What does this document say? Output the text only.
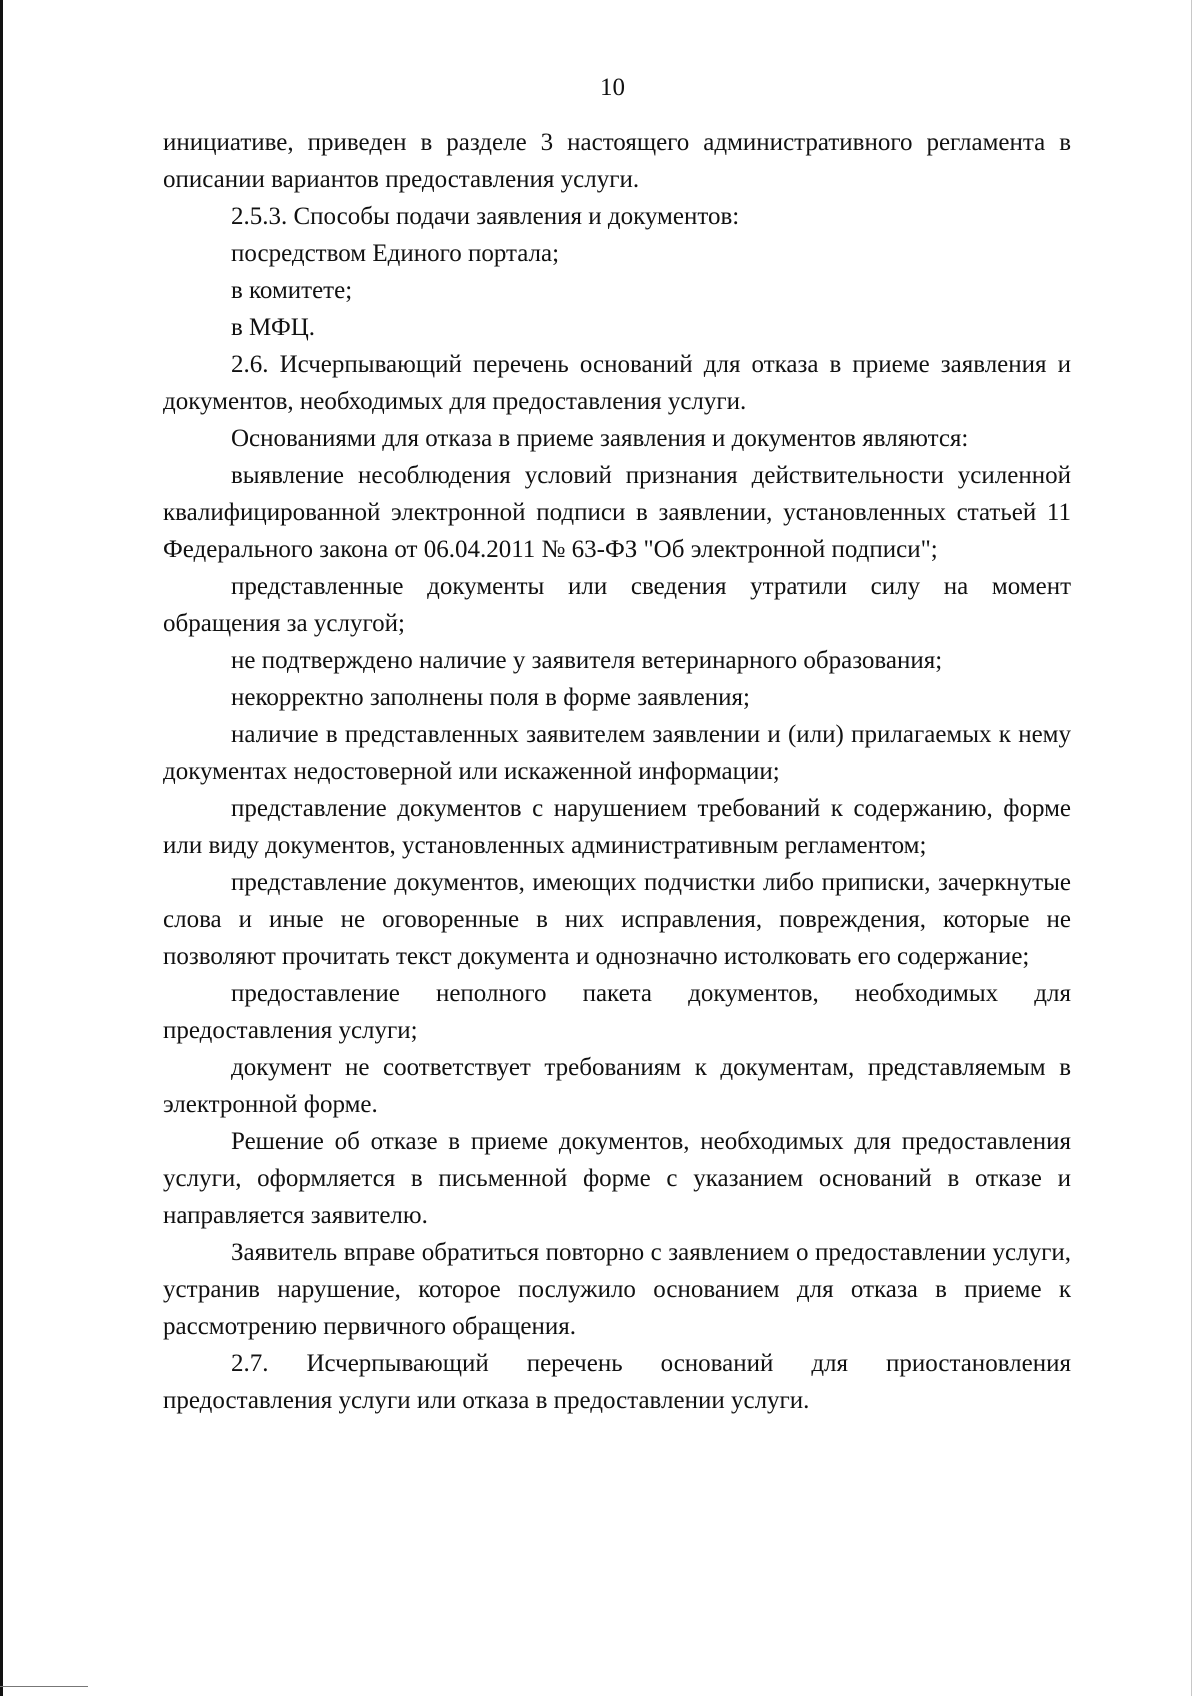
10

инициативе, приведен в разделе 3 настоящего административного регламента в описании вариантов предоставления услуги.

2.5.3. Способы подачи заявления и документов:

посредством Единого портала;

в комитете;

в МФЦ.

2.6. Исчерпывающий перечень оснований для отказа в приеме заявления и документов, необходимых для предоставления услуги.

Основаниями для отказа в приеме заявления и документов являются:

выявление несоблюдения условий признания действительности усиленной квалифицированной электронной подписи в заявлении, установленных статьей 11 Федерального закона от 06.04.2011 № 63-ФЗ "Об электронной подписи";

представленные документы или сведения утратили силу на момент обращения за услугой;

не подтверждено наличие у заявителя ветеринарного образования;

некорректно заполнены поля в форме заявления;

наличие в представленных заявителем заявлении и (или) прилагаемых к нему документах недостоверной или искаженной информации;

представление документов с нарушением требований к содержанию, форме или виду документов, установленных административным регламентом;

представление документов, имеющих подчистки либо приписки, зачеркнутые слова и иные не оговоренные в них исправления, повреждения, которые не позволяют прочитать текст документа и однозначно истолковать его содержание;

предоставление неполного пакета документов, необходимых для предоставления услуги;

документ не соответствует требованиям к документам, представляемым в электронной форме.

Решение об отказе в приеме документов, необходимых для предоставления услуги, оформляется в письменной форме с указанием оснований в отказе и направляется заявителю.

Заявитель вправе обратиться повторно с заявлением о предоставлении услуги, устранив нарушение, которое послужило основанием для отказа в приеме к рассмотрению первичного обращения.

2.7. Исчерпывающий перечень оснований для приостановления предоставления услуги или отказа в предоставлении услуги.
